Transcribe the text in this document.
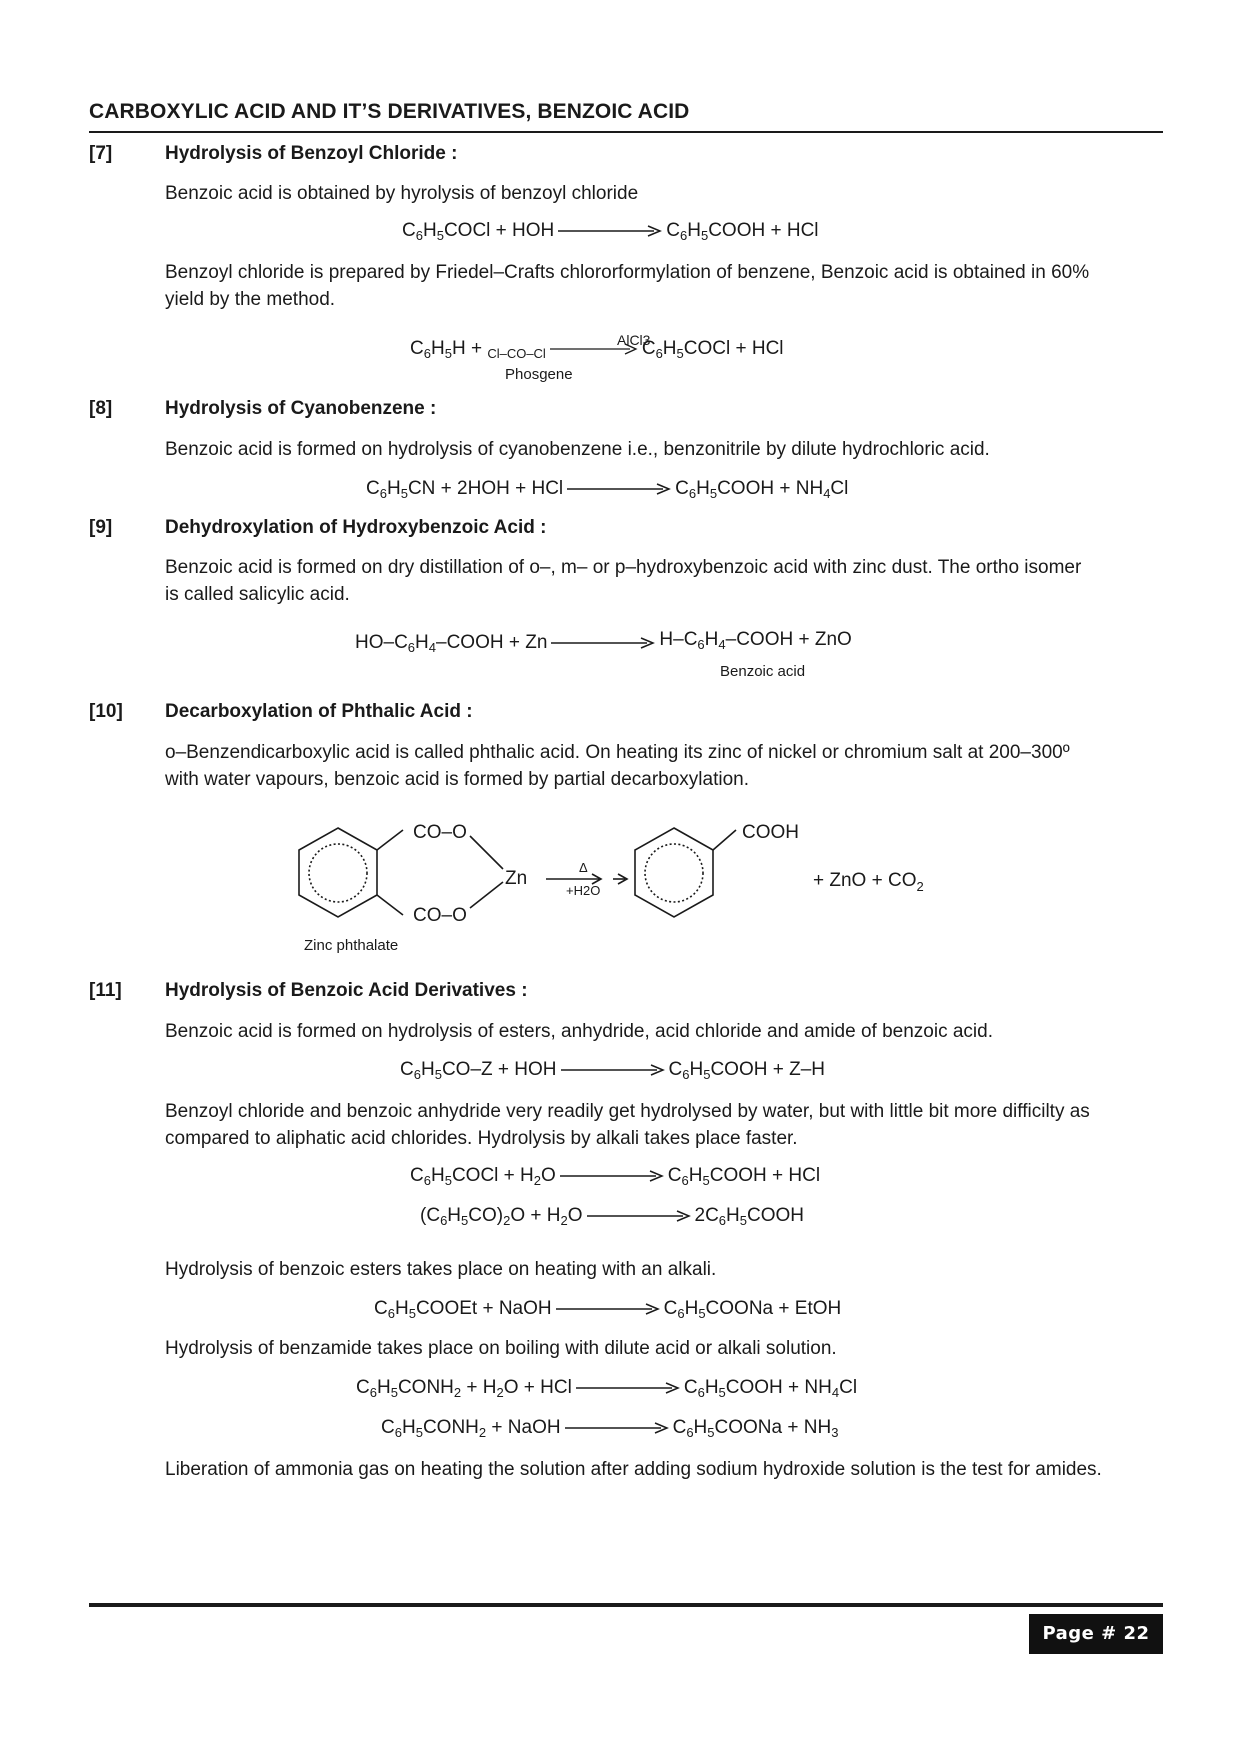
CARBOXYLIC ACID AND IT’S DERIVATIVES, BENZOIC ACID
[7]	Hydrolysis of Benzoyl Chloride :
Benzoic acid is obtained by hyrolysis of benzoyl chloride
$C_6H_5COCl$ + HOH	$C_6H_5COOH$ + HCl
Benzoyl chloride is prepared by Friedel–Crafts chlororformylation of benzene, Benzoic acid is obtained in 60%
yield by the method.
$C_6H_5H + _{Cl-CO-Cl}$	$C_6H_5COCl$ + HCl
AlCl3
Phosgene
[8]	Hydrolysis of Cyanobenzene :
Benzoic acid is formed on hydrolysis of cyanobenzene i.e., benzonitrile by dilute hydrochloric acid.
$C_6H_5CN + 2HOH$ + HCl	$C_6H_5COOH + NH_4Cl$
[9]	Dehydroxylation of Hydroxybenzoic Acid :
Benzoic acid is formed on dry distillation of o–, m– or p–hydroxybenzoic acid with zinc dust. The ortho isomer
is called salicylic acid.
$HO-C_6H_4$–COOH + Zn	$H-C_6H_4$–COOH + ZnO
Benzoic acid
[10] Decarboxylation of Phthalic Acid :
o–Benzendicarboxylic acid is called phthalic acid. On heating its zinc of nickel or chromium salt at 200–300º
with water vapours, benzoic acid is formed by partial decarboxylation.
CO–O
CO–O
Zn
Δ
+H2O
COOH
+ ZnO + $CO_2$
Zinc phthalate
[11] Hydrolysis of Benzoic Acid Derivatives :
Benzoic acid is formed on hydrolysis of esters, anhydride, acid chloride and amide of benzoic acid.
$C_6H_5CO-Z$ + HOH	$C_6H_5COOH + Z-H$
Benzoyl chloride and benzoic anhydride very readily get hydrolysed by water, but with little bit more difficilty as
compared to aliphatic acid chlorides. Hydrolysis by alkali takes place faster.
$C_6H_5COCl + H_2O$	$C_6H_5COOH$ + HCl
$(C_6H_5CO)_2O + H_2O$	$2C_6H_5COOH$
Hydrolysis of benzoic esters takes place on heating with an alkali.
$C_6H_5COOEt$ + NaOH	$C_6H_5COONa$ + EtOH
Hydrolysis of benzamide takes place on boiling with dilute acid or alkali solution.
$C_6H_5CONH_2 + H_2O$ + HCl	$C_6H_5COOH + NH_4Cl$
$C_6H_5CONH_2$ + NaOH	$C_6H_5COONa + NH_3$
Liberation of ammonia gas on heating the solution after adding sodium hydroxide solution is the test for amides.
Page # 22
